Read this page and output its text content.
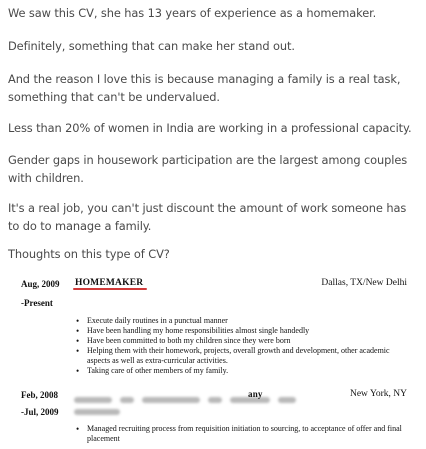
We saw this CV, she has 13 years of experience as a homemaker.

Definitely, something that can make her stand out.

And the reason I love this is because managing a family is a real task, something that can't be undervalued.

Less than 20% of women in India are working in a professional capacity.

Gender gaps in housework participation are the largest among couples with children.

It's a real job, you can't just discount the amount of work someone has to do to manage a family.

Thoughts on this type of CV?

Aug, 2009
-Present
HOMEMAKER	Dallas, TX/New Delhi
• Execute daily routines in a punctual manner
• Have been handling my home responsibilities almost single handedly
• Have been committed to both my children since they were born
• Helping them with their homework, projects, overall growth and development, other academic aspects as well as extra-curricular activities.
• Taking care of other members of my family.
Feb, 2008
-Jul, 2009

any	New York, NY
• Managed recruiting process from requisition initiation to sourcing, to acceptance of offer and final placement
